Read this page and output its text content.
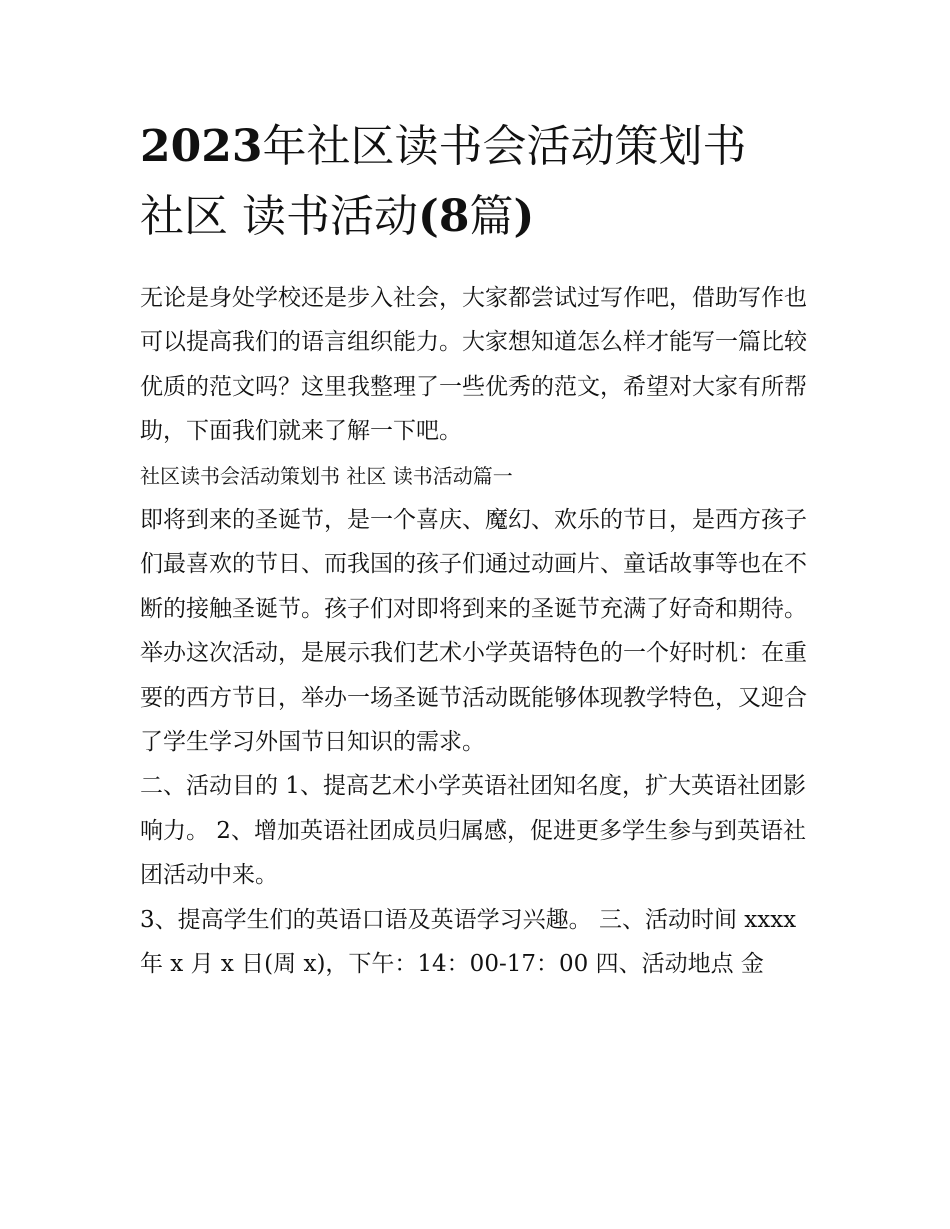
2023年社区读书会活动策划书
社区 读书活动(8篇)

无论是身处学校还是步入社会，大家都尝试过写作吧，借助写作也可以提高我们的语言组织能力。大家想知道怎么样才能写一篇比较优质的范文吗？这里我整理了一些优秀的范文，希望对大家有所帮助，下面我们就来了解一下吧。

社区读书会活动策划书 社区 读书活动篇一

即将到来的圣诞节，是一个喜庆、魔幻、欢乐的节日，是西方孩子们最喜欢的节日、而我国的孩子们通过动画片、童话故事等也在不断的接触圣诞节。孩子们对即将到来的圣诞节充满了好奇和期待。举办这次活动，是展示我们艺术小学英语特色的一个好时机：在重要的西方节日，举办一场圣诞节活动既能够体现教学特色，又迎合了学生学习外国节日知识的需求。

二、活动目的 1、提高艺术小学英语社团知名度，扩大英语社团影响力。 2、增加英语社团成员归属感，促进更多学生参与到英语社团活动中来。

3、提高学生们的英语口语及英语学习兴趣。 三、活动时间 xxxx 年 x 月 x 日(周 x)，下午：14：00-17：00 四、活动地点 金
